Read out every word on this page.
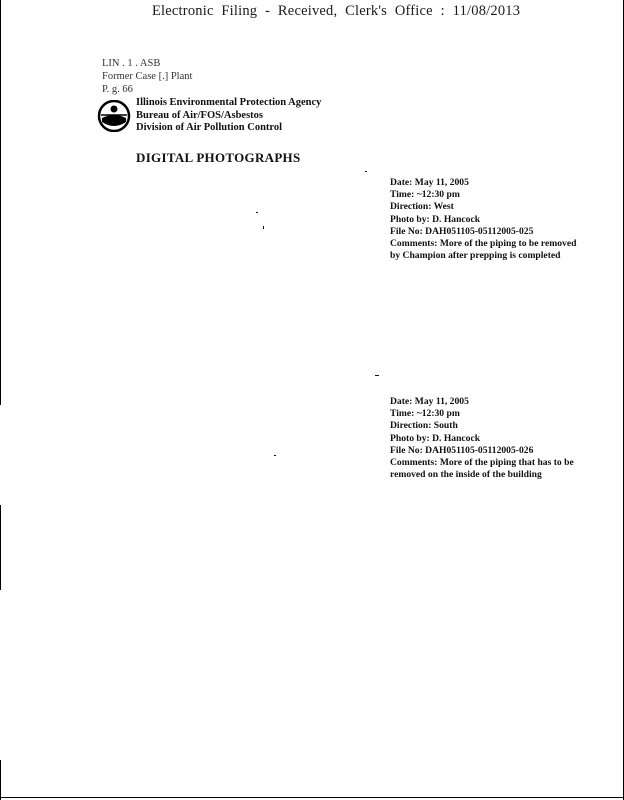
Electronic Filing - Received, Clerk's Office : 11/08/2013
LIN . 1 . ASB
Former Case [.] Plant
P. g. 66
Illinois Environmental Protection Agency
Bureau of Air/FOS/Asbestos
Division of Air Pollution Control
DIGITAL PHOTOGRAPHS
Date: May 11, 2005
Time: ~12:30 pm
Direction: West
Photo by: D. Hancock
File No: DAH051105-05112005-025
Comments: More of the piping to be removed
by Champion after prepping is completed
Date: May 11, 2005
Time: ~12:30 pm
Direction: South
Photo by: D. Hancock
File No: DAH051105-05112005-026
Comments: More of the piping that has to be
removed on the inside of the building
